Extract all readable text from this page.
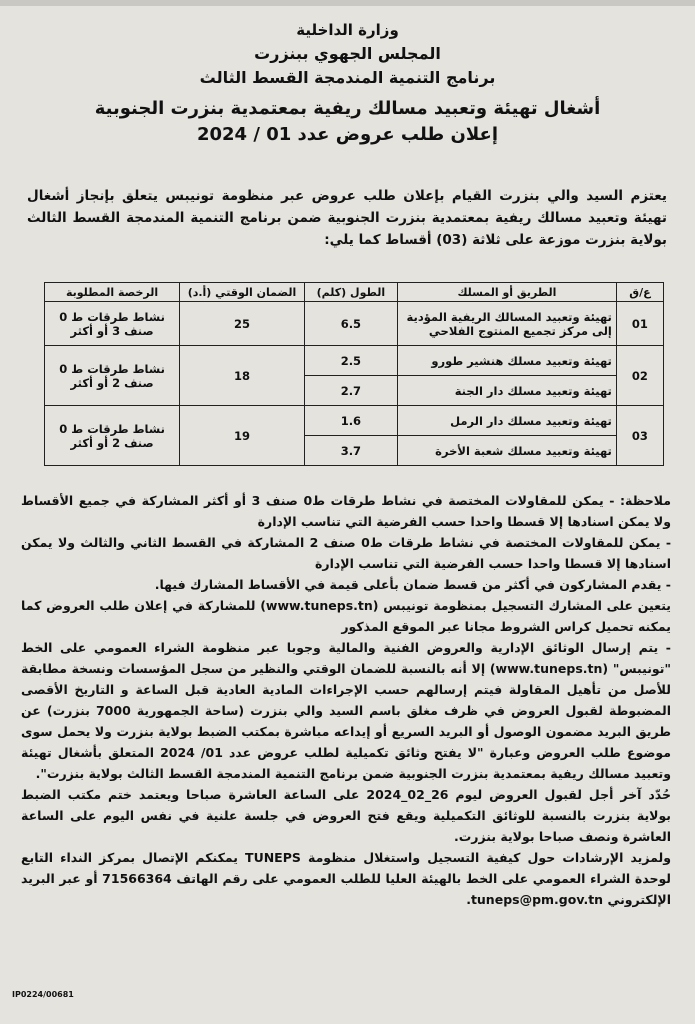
وزارة الداخلية
المجلس الجهوي ببنزرت
برنامج التنمية المندمجة القسط الثالث
أشغال تهيئة وتعبيد مسالك ريفية بمعتمدية بنزرت الجنوبية
إعلان طلب عروض عدد 01 / 2024
يعتزم السيد والي بنزرت القيام بإعلان طلب عروض عبر منظومة تونيبس يتعلق بإنجاز أشغال تهيئة وتعبيد مسالك ريفية بمعتمدية بنزرت الجنوبية ضمن برنامج التنمية المندمجة القسط الثالث بولاية بنزرت موزعة على ثلاثة (03) أقساط كما يلي:
ع/ق	الطريق أو المسلك	الطول (كلم)	الضمان الوقتي (أ.د)	الرخصة المطلوبة
01	تهيئة وتعبيد المسالك الريفية المؤدية إلى مركز تجميع المنتوج الفلاحي	6.5	25	نشاط طرقات ط 0 صنف 3 أو أكثر
02	تهيئة وتعبيد مسلك هنشير طورو	2.5	18	نشاط طرقات ط 0 صنف 2 أو أكثر
	تهيئة وتعبيد مسلك دار الجنة	2.7		
03	تهيئة وتعبيد مسلك دار الرمل	1.6	19	نشاط طرقات ط 0 صنف 2 أو أكثر
	تهيئة وتعبيد مسلك شعبة الأخرة	3.7		

ملاحظة: - يمكن للمقاولات المختصة في نشاط طرقات ط0 صنف 3 أو أكثر المشاركة في جميع الأقساط ولا يمكن اسنادها إلا قسطا واحدا حسب الفرضية التي تناسب الإدارة

- يمكن للمقاولات المختصة في نشاط طرقات ط0 صنف 2 المشاركة في القسط الثاني والثالث ولا يمكن اسنادها إلا قسطا واحدا حسب الفرضية التي تناسب الإدارة

- يقدم المشاركون في أكثر من قسط ضمان بأعلى قيمة في الأقساط المشارك فيها.

يتعين على المشارك التسجيل بمنظومة تونيبس (www.tuneps.tn) للمشاركة في إعلان طلب العروض كما يمكنه تحميل كراس الشروط مجانا عبر الموقع المذكور

- يتم إرسال الوثائق الإدارية والعروض الفنية والمالية وجوبا عبر منظومة الشراء العمومي على الخط "تونيبس" (www.tuneps.tn) إلا أنه بالنسبة للضمان الوقتي والنظير من سجل المؤسسات ونسخة مطابقة للأصل من تأهيل المقاولة فيتم إرسالهم حسب الإجراءات المادية العادية قبل الساعة و التاريخ الأقصى المضبوطة لقبول العروض في ظرف مغلق باسم السيد والي بنزرت (ساحة الجمهورية 7000 بنزرت) عن طريق البريد مضمون الوصول أو البريد السريع أو إيداعه مباشرة بمكتب الضبط بولاية بنزرت ولا يحمل سوى موضوع طلب العروض وعبارة "لا يفتح وثائق تكميلية لطلب عروض عدد 01/ 2024 المتعلق بأشغال تهيئة وتعبيد مسالك ريفية بمعتمدية بنزرت الجنوبية ضمن برنامج التنمية المندمجة القسط الثالث بولاية بنزرت".

حُدّد آخر أجل لقبول العروض ليوم 26_02_2024 على الساعة العاشرة صباحا ويعتمد ختم مكتب الضبط بولاية بنزرت بالنسبة للوثائق التكميلية ويقع فتح العروض في جلسة علنية في نفس اليوم على الساعة العاشرة ونصف صباحا بولاية بنزرت.

ولمزيد الإرشادات حول كيفية التسجيل واستغلال منظومة TUNEPS يمكنكم الإتصال بمركز النداء التابع لوحدة الشراء العمومي على الخط بالهيئة العليا للطلب العمومي على رقم الهاتف 71566364 أو عبر البريد الإلكتروني tuneps@pm.gov.tn.

IP0224/00681
